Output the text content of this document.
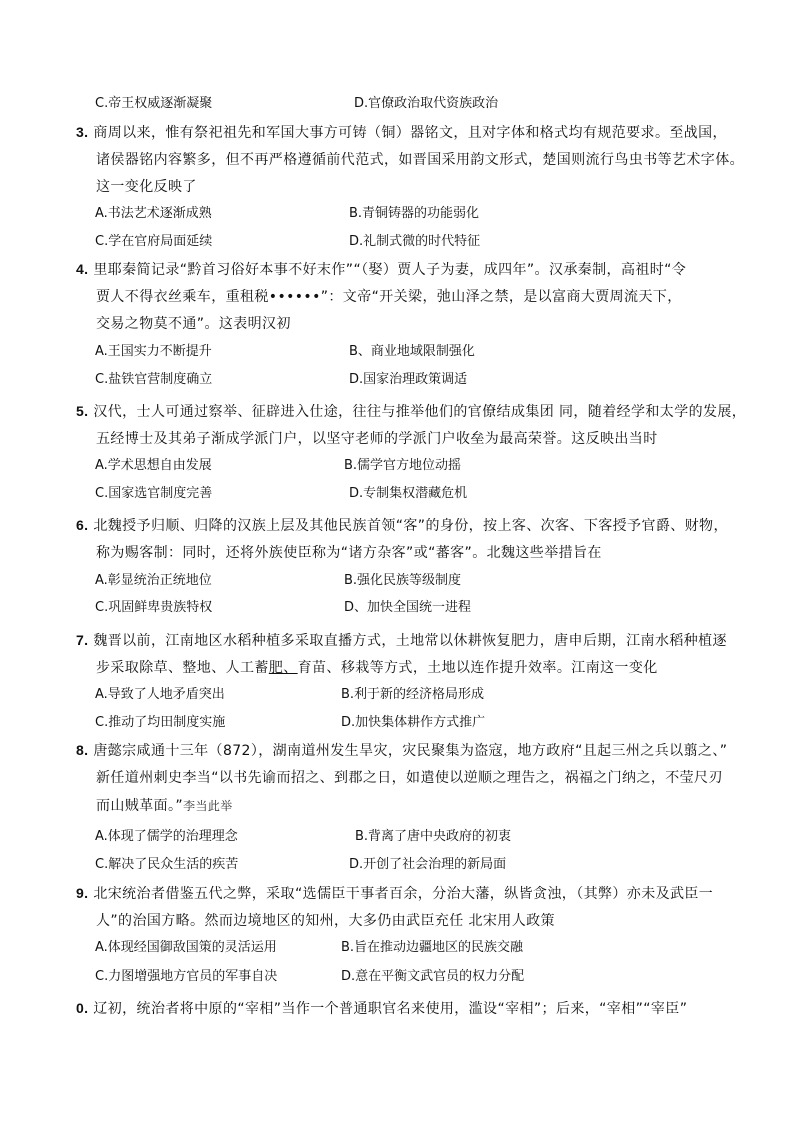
C.帝王权威逐渐凝聚	D.官僚政治取代资族政治
3. 商周以来，惟有祭祀祖先和军国大事方可铸（铜）器铭文，且对字体和格式均有规范要求。至战国，
诸侯器铭内容繁多，但不再严格遵循前代范式，如晋国采用韵文形式，楚国则流行鸟虫书等艺术字体。
这一变化反映了
A.书法艺术逐渐成熟	B.青铜铸器的功能弱化
C.学在官府局面延续	D.礼制式微的时代特征
4. 里耶秦简记录“黔首习俗好本事不好末作”“（娶）贾人子为妻，成四年”。汉承秦制，高祖时“令
贾人不得衣丝乘车，重租税••••••”：文帝“开关梁，弛山泽之禁，是以富商大贾周流天下，
交易之物莫不通”。这表明汉初
A.王国实力不断提升	B、商业地域限制强化
C.盐铁官营制度确立	D.国家治理政策调适
5. 汉代，士人可通过察举、征辟进入仕途，往往与推举他们的官僚结成集团 同，随着经学和太学的发展，
五经博士及其弟子渐成学派门户，以坚守老师的学派门户收垒为最高荣誉。这反映出当时
A.学术思想自由发展	B.儒学官方地位动摇
C.国家选官制度完善	D.专制集权潜藏危机
6. 北魏授予归顺、归降的汉族上层及其他民族首领“客”的身份，按上客、次客、下客授予官爵、财物，
称为赐客制：同时，还将外族使臣称为“诸方杂客”或“蕃客”。北魏这些举措旨在
A.彰显统治正统地位	B.强化民族等级制度
C.巩固鲜卑贵族特权	D、加快全国统一进程
7. 魏晋以前，江南地区水稻种植多采取直播方式，土地常以休耕恢复肥力，唐申后期，江南水稻种植逐
步采取除草、整地、人工蓄肥、育苗、移栽等方式，土地以连作提升效率。江南这一变化
A.导致了人地矛盾突出	B.利于新的经济格局形成
C.推动了均田制度实施	D.加快集体耕作方式推广
8. 唐懿宗咸通十三年（872），湖南道州发生旱灾，灾民聚集为盗寇，地方政府“且起三州之兵以翦之、”
新任道州刺史李当“以书先谕而招之、到郡之日，如遣使以逆顺之理告之，祸福之门纳之，不莹尺刃
而山贼革面。”李当此举
A.体现了儒学的治理理念	B.背离了唐中央政府的初衷
C.解决了民众生活的疾苦	D.开创了社会治理的新局面
9. 北宋统治者借鉴五代之弊，采取“选儒臣干事者百余，分治大藩，纵皆贪浊，（其弊）亦未及武臣一
人”的治国方略。然而边境地区的知州，大多仍由武臣充任 北宋用人政策
A.体现经国御敌国策的灵活运用	B.旨在推动边疆地区的民族交融
C.力图增强地方官员的军事自决	D.意在平衡文武官员的权力分配
0. 辽初，统治者将中原的“宰相”当作一个普通职官名来使用，滥设“宰相”；后来，“宰相”“宰臣”
